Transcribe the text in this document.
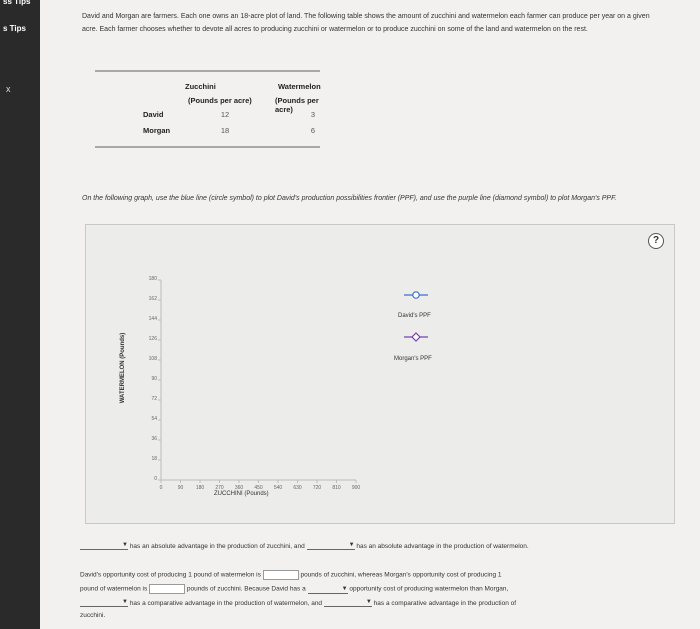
ss Tips
s Tips
x
David and Morgan are farmers. Each one owns an 18-acre plot of land. The following table shows the amount of zucchini and watermelon each farmer can produce per year on a given acre. Each farmer chooses whether to devote all acres to producing zucchini or watermelon or to produce zucchini on some of the land and watermelon on the rest.
Zucchini
(Pounds per acre)
Watermelon
(Pounds per acre)
David	12	3
Morgan	18	6
On the following graph, use the blue line (circle symbol) to plot David's production possibilities frontier (PPF), and use the purple line (diamond symbol) to plot Morgan's PPF.
?
0
18
36
54
72
90
108
126
144
162
180
0	90	180	270	360	450	540	630	720	810	900
WATERMELON (Pounds)
ZUCCHINI (Pounds)
David's PPF
Morgan's PPF
▼ has an absolute advantage in the production of zucchini, and	▼ has an absolute advantage in the production of watermelon.
David's opportunity cost of producing 1 pound of watermelon is	pounds of zucchini, whereas Morgan's opportunity cost of producing 1
pound of watermelon is	pounds of zucchini. Because David has a	▼ opportunity cost of producing watermelon than Morgan,
▼ has a comparative advantage in the production of watermelon, and	▼ has a comparative advantage in the production of
zucchini.
